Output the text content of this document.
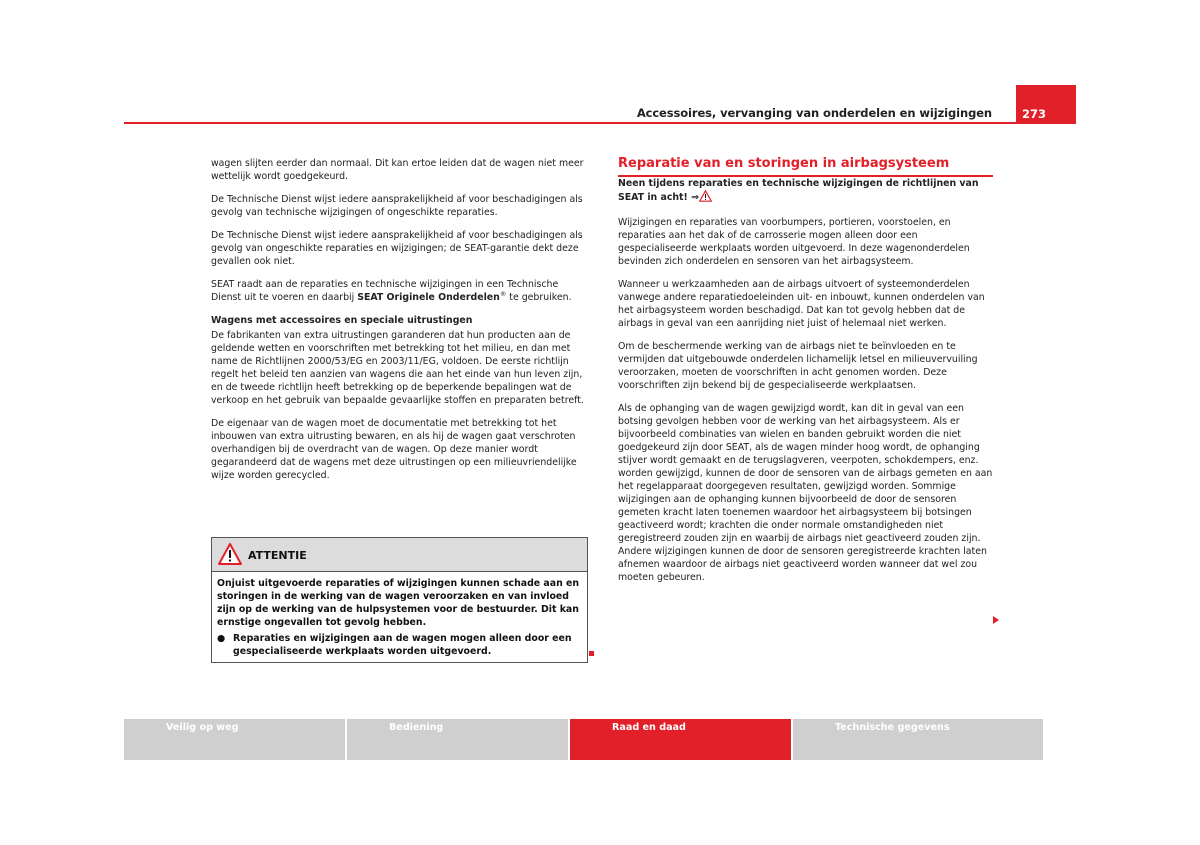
Accessoires, vervanging van onderdelen en wijzigingen	273

wagen slijten eerder dan normaal. Dit kan ertoe leiden dat de wagen niet meer wettelijk wordt goedgekeurd.

De Technische Dienst wijst iedere aansprakelijkheid af voor beschadigingen als gevolg van technische wijzigingen of ongeschikte reparaties.

De Technische Dienst wijst iedere aansprakelijkheid af voor beschadigingen als gevolg van ongeschikte reparaties en wijzigingen; de SEAT-garantie dekt deze gevallen ook niet.

SEAT raadt aan de reparaties en technische wijzigingen in een Technische Dienst uit te voeren en daarbij SEAT Originele Onderdelen® te gebruiken.

Wagens met accessoires en speciale uitrustingen

De fabrikanten van extra uitrustingen garanderen dat hun producten aan de geldende wetten en voorschriften met betrekking tot het milieu, en dan met name de Richtlijnen 2000/53/EG en 2003/11/EG, voldoen. De eerste richtlijn regelt het beleid ten aanzien van wagens die aan het einde van hun leven zijn, en de tweede richtlijn heeft betrekking op de beperkende bepalingen wat de verkoop en het gebruik van bepaalde gevaarlijke stoffen en preparaten betreft.

De eigenaar van de wagen moet de documentatie met betrekking tot het inbouwen van extra uitrusting bewaren, en als hij de wagen gaat verschroten overhandigen bij de overdracht van de wagen. Op deze manier wordt gegarandeerd dat de wagens met deze uitrustingen op een milieuvriendelijke wijze worden gerecycled.

ATTENTIE

Onjuist uitgevoerde reparaties of wijzigingen kunnen schade aan en storingen in de werking van de wagen veroorzaken en van invloed zijn op de werking van de hulpsystemen voor de bestuurder. Dit kan ernstige ongevallen tot gevolg hebben.

● Reparaties en wijzigingen aan de wagen mogen alleen door een gespecialiseerde werkplaats worden uitgevoerd.
Reparatie van en storingen in airbagsysteem

Neen tijdens reparaties en technische wijzigingen de richtlijnen van SEAT in acht! ⇒

Wijzigingen en reparaties van voorbumpers, portieren, voorstoelen, en reparaties aan het dak of de carrosserie mogen alleen door een gespecialiseerde werkplaats worden uitgevoerd. In deze wagenonderdelen bevinden zich onderdelen en sensoren van het airbagsysteem.

Wanneer u werkzaamheden aan de airbags uitvoert of systeemonderdelen vanwege andere reparatiedoeleinden uit- en inbouwt, kunnen onderdelen van het airbagsysteem worden beschadigd. Dat kan tot gevolg hebben dat de airbags in geval van een aanrijding niet juist of helemaal niet werken.

Om de beschermende werking van de airbags niet te beïnvloeden en te vermijden dat uitgebouwde onderdelen lichamelijk letsel en milieuvervuiling veroorzaken, moeten de voorschriften in acht genomen worden. Deze voorschriften zijn bekend bij de gespecialiseerde werkplaatsen.

Als de ophanging van de wagen gewijzigd wordt, kan dit in geval van een botsing gevolgen hebben voor de werking van het airbagsysteem. Als er bijvoorbeeld combinaties van wielen en banden gebruikt worden die niet goedgekeurd zijn door SEAT, als de wagen minder hoog wordt, de ophanging stijver wordt gemaakt en de terugslagveren, veerpoten, schokdempers, enz. worden gewijzigd, kunnen de door de sensoren van de airbags gemeten en aan het regelapparaat doorgegeven resultaten, gewijzigd worden. Sommige wijzigingen aan de ophanging kunnen bijvoorbeeld de door de sensoren gemeten kracht laten toenemen waardoor het airbagsysteem bij botsingen geactiveerd wordt; krachten die onder normale omstandigheden niet geregistreerd zouden zijn en waarbij de airbags niet geactiveerd zouden zijn. Andere wijzigingen kunnen de door de sensoren geregistreerde krachten laten afnemen waardoor de airbags niet geactiveerd worden wanneer dat wel zou moeten gebeuren.

Veilig op weg	Bediening	Raad en daad	Technische gegevens
